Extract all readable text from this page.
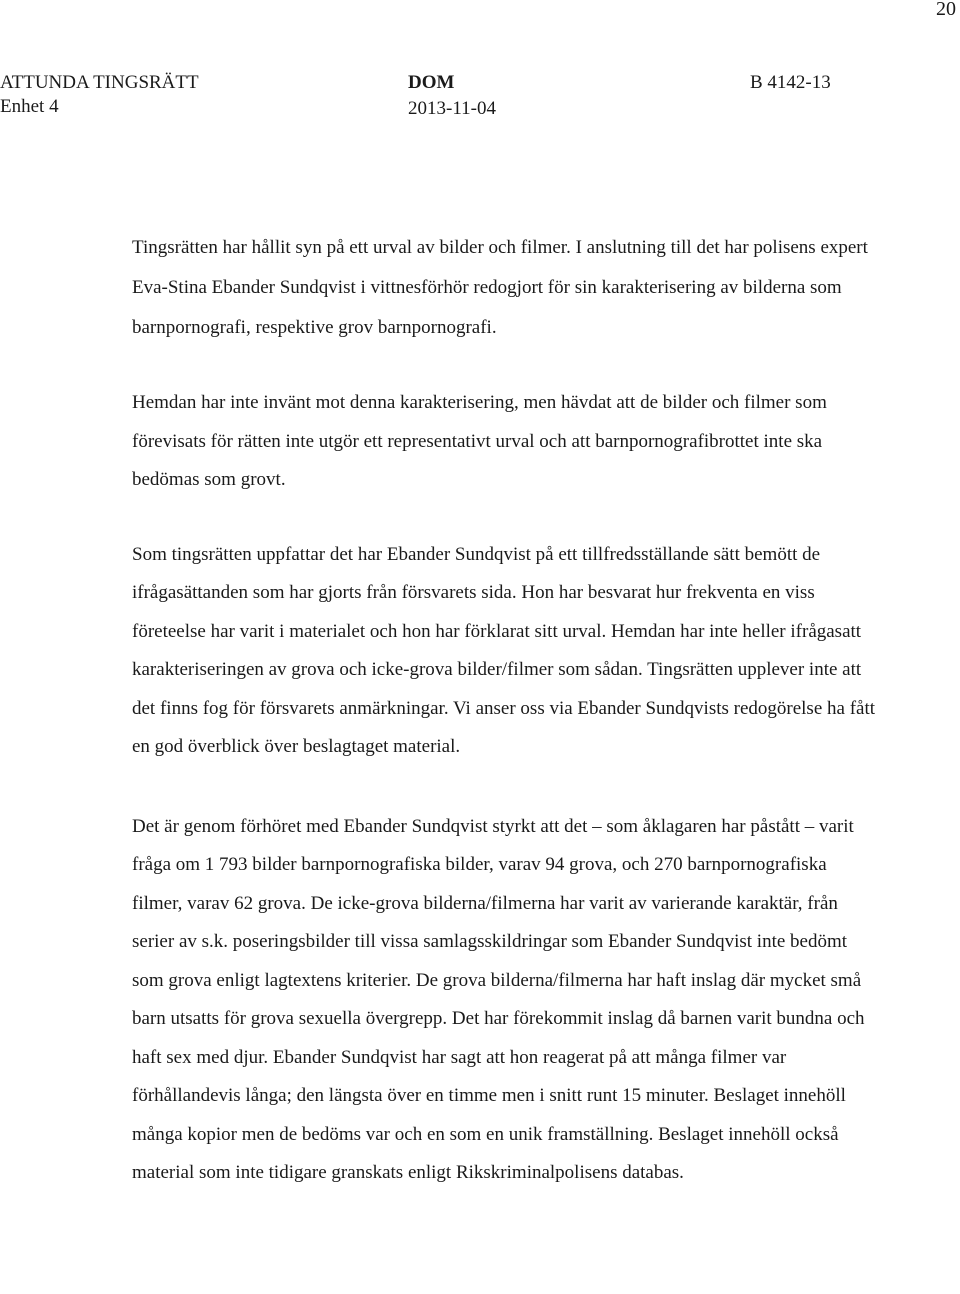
20
ATTUNDA TINGSRÄTT
Enhet 4
DOM
2013-11-04
B 4142-13

Tingsrätten har hållit syn på ett urval av bilder och filmer. I anslutning till det har polisens expert Eva-Stina Ebander Sundqvist i vittnesförhör redogjort för sin karakterisering av bilderna som barnpornografi, respektive grov barnpornografi.

Hemdan har inte invänt mot denna karakterisering, men hävdat att de bilder och filmer som förevisats för rätten inte utgör ett representativt urval och att barnpornografibrottet inte ska bedömas som grovt.

Som tingsrätten uppfattar det har Ebander Sundqvist på ett tillfredsställande sätt bemött de ifrågasättanden som har gjorts från försvarets sida. Hon har besvarat hur frekventa en viss företeelse har varit i materialet och hon har förklarat sitt urval. Hemdan har inte heller ifrågasatt karakteriseringen av grova och icke-grova bilder/filmer som sådan. Tingsrätten upplever inte att det finns fog för försvarets anmärkningar. Vi anser oss via Ebander Sundqvists redogörelse ha fått en god överblick över beslagtaget material.

Det är genom förhöret med Ebander Sundqvist styrkt att det – som åklagaren har påstått – varit fråga om 1 793 bilder barnpornografiska bilder, varav 94 grova, och 270 barnpornografiska filmer, varav 62 grova. De icke-grova bilderna/filmerna har varit av varierande karaktär, från serier av s.k. poseringsbilder till vissa samlagsskildringar som Ebander Sundqvist inte bedömt som grova enligt lagtextens kriterier. De grova bilderna/filmerna har haft inslag där mycket små barn utsatts för grova sexuella övergrepp. Det har förekommit inslag då barnen varit bundna och haft sex med djur. Ebander Sundqvist har sagt att hon reagerat på att många filmer var förhållandevis långa; den längsta över en timme men i snitt runt 15 minuter. Beslaget innehöll många kopior men de bedöms var och en som en unik framställning. Beslaget innehöll också material som inte tidigare granskats enligt Rikskriminalpolisens databas.
